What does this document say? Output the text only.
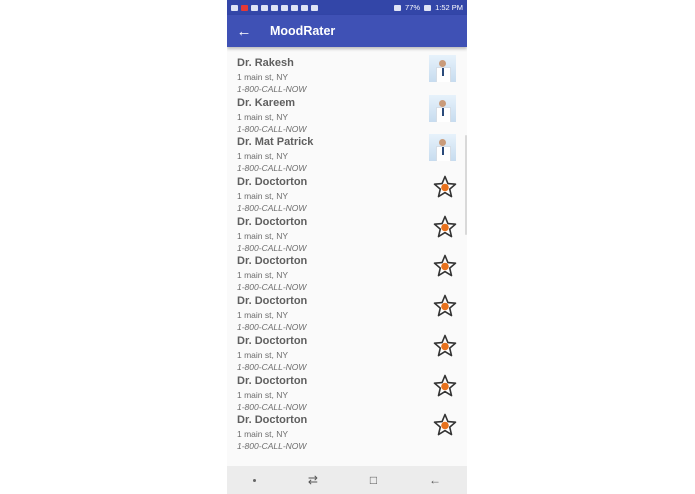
77% 1:52 PM
←	MoodRater
Dr. Rakesh
1 main st, NY
1-800-CALL-NOW
Dr. Kareem
1 main st, NY
1-800-CALL-NOW
Dr. Mat Patrick
1 main st, NY
1-800-CALL-NOW
Dr. Doctorton
1 main st, NY
1-800-CALL-NOW
Dr. Doctorton
1 main st, NY
1-800-CALL-NOW
Dr. Doctorton
1 main st, NY
1-800-CALL-NOW
Dr. Doctorton
1 main st, NY
1-800-CALL-NOW
Dr. Doctorton
1 main st, NY
1-800-CALL-NOW
Dr. Doctorton
1 main st, NY
1-800-CALL-NOW
Dr. Doctorton
1 main st, NY
1-800-CALL-NOW
⇄	□	←
